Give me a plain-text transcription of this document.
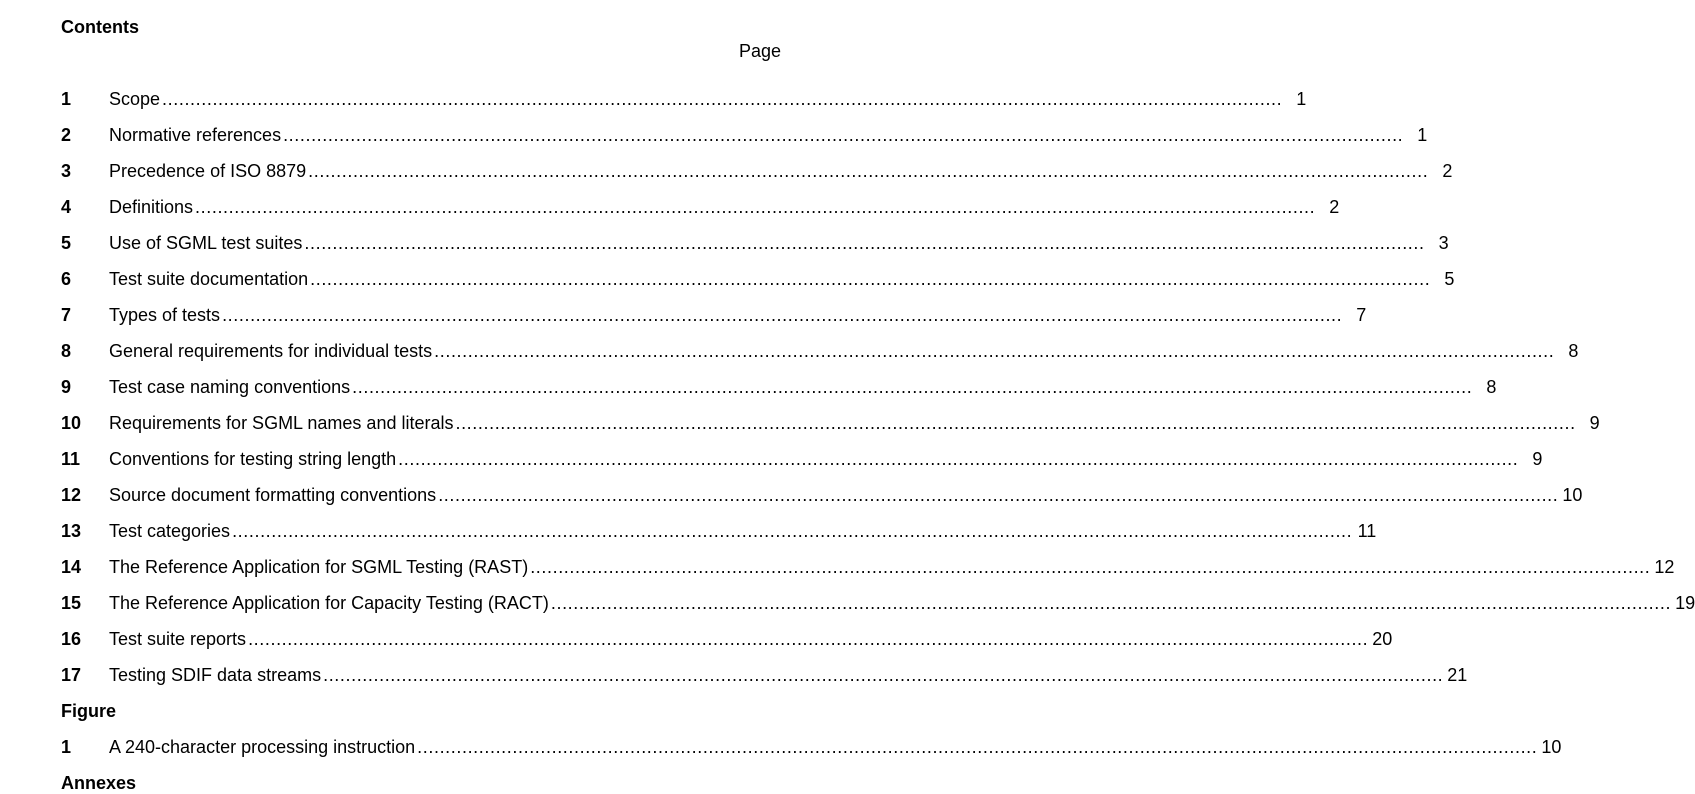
Contents
Page
1	Scope ........................................................................................................................................................................................................ 1
2	Normative references ........................................................................................................................................................................................................ 1
3	Precedence of ISO 8879 ........................................................................................................................................................................................................ 2
4	Definitions ........................................................................................................................................................................................................ 2
5	Use of SGML test suites ........................................................................................................................................................................................................ 3
6	Test suite documentation ........................................................................................................................................................................................................ 5
7	Types of tests ........................................................................................................................................................................................................ 7
8	General requirements for individual tests ........................................................................................................................................................................................................ 8
9	Test case naming conventions ........................................................................................................................................................................................................ 8
10	Requirements for SGML names and literals ........................................................................................................................................................................................................ 9
11	Conventions for testing string length ........................................................................................................................................................................................................ 9
12	Source document formatting conventions ........................................................................................................................................................................................................ 10
13	Test categories ........................................................................................................................................................................................................ 11
14	The Reference Application for SGML Testing (RAST) ........................................................................................................................................................................................................ 12
15	The Reference Application for Capacity Testing (RACT) ........................................................................................................................................................................................................ 19
16	Test suite reports ........................................................................................................................................................................................................ 20
17	Testing SDIF data streams ........................................................................................................................................................................................................ 21
Figure
1	A 240-character processing instruction ........................................................................................................................................................................................................ 10
Annexes
